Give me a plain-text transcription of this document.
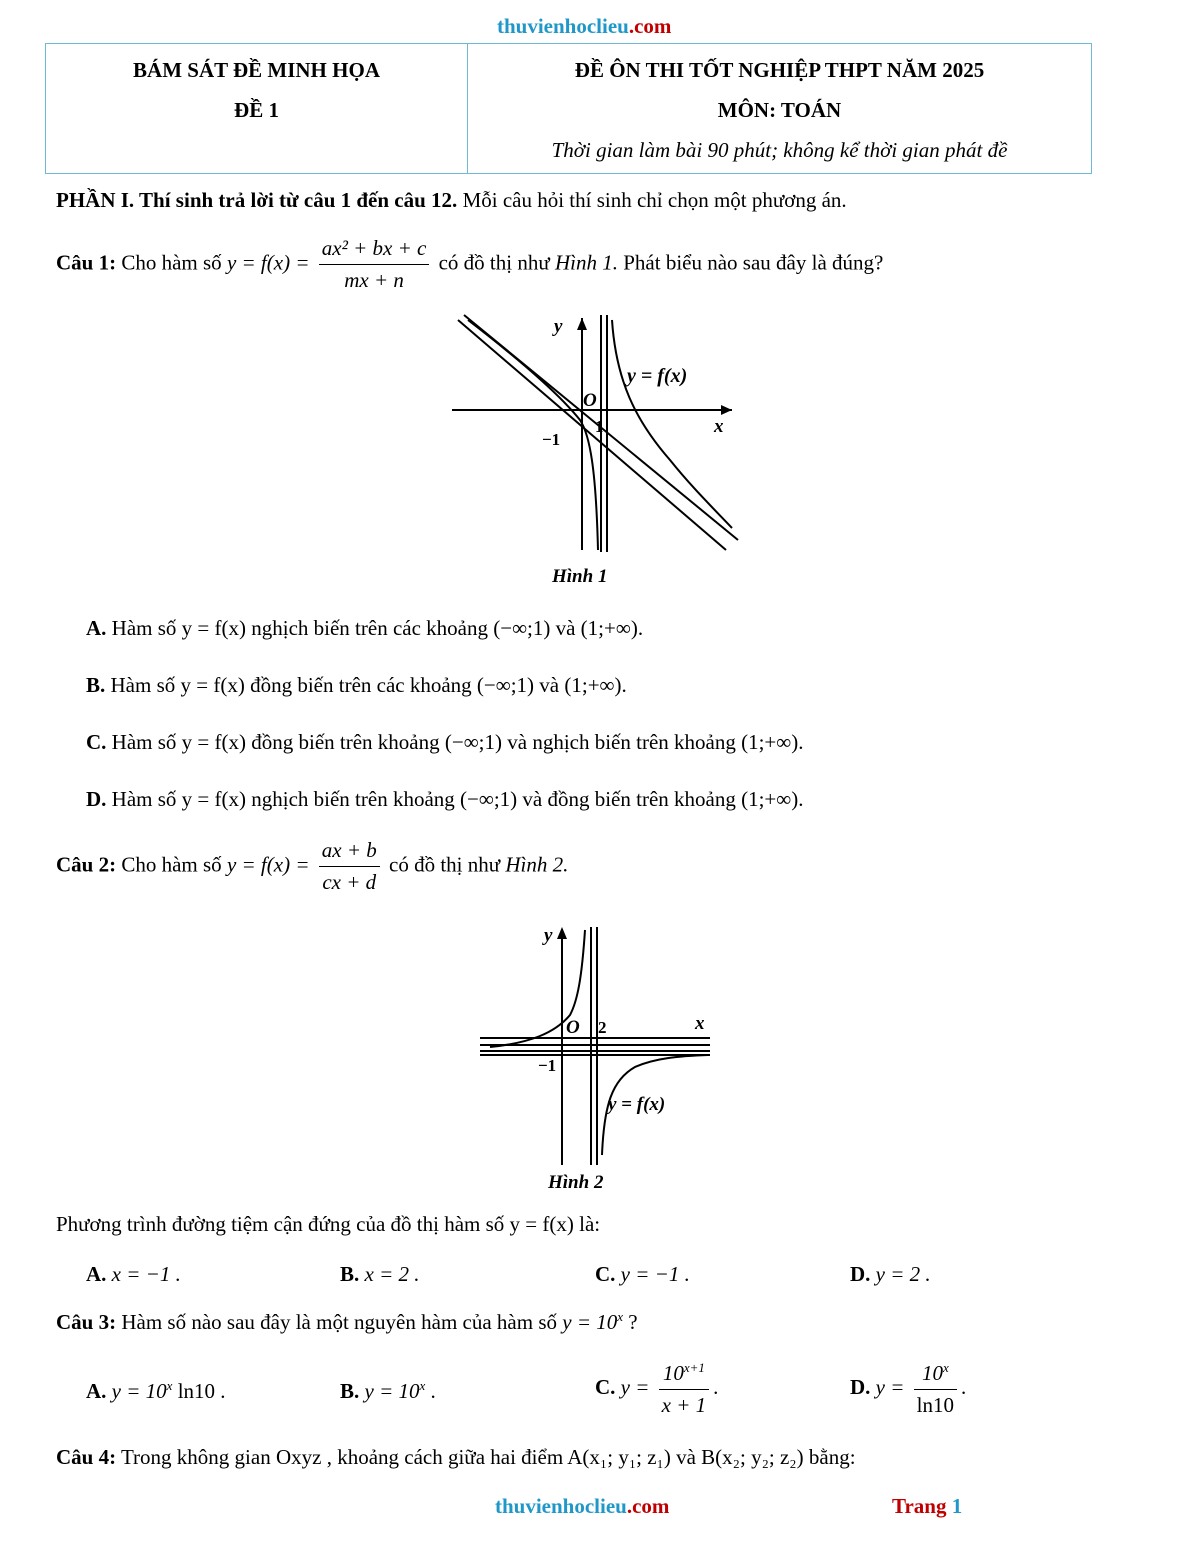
thuvienhoclieu.com
BÁM SÁT ĐỀ MINH HỌA
ĐỀ 1

ĐỀ ÔN THI TỐT NGHIỆP THPT NĂM 2025
MÔN: TOÁN
Thời gian làm bài 90 phút; không kể thời gian phát đề
PHẦN I. Thí sinh trả lời từ câu 1 đến câu 12. Mỗi câu hỏi thí sinh chỉ chọn một phương án.
Câu 1: Cho hàm số $y = f(x) = \frac{\text{ax² + bx + c}}{mx + n}$ có đồ thị như Hình 1. Phát biểu nào sau đây là đúng?
y
x
O
1
−1
y = f(x)
Hình 1
A. Hàm số y = f(x) nghịch biến trên các khoảng (−∞;1) và (1;+∞).
B. Hàm số y = f(x) đồng biến trên các khoảng (−∞;1) và (1;+∞).
C. Hàm số y = f(x) đồng biến trên khoảng (−∞;1) và nghịch biến trên khoảng (1;+∞).
D. Hàm số y = f(x) nghịch biến trên khoảng (−∞;1) và đồng biến trên khoảng (1;+∞).
Câu 2: Cho hàm số $y = f(x) = \frac{ax + b}{cx + d}$ có đồ thị như Hình 2.
y
x
O 2
−1
y = f(x)
Hình 2
Phương trình đường tiệm cận đứng của đồ thị hàm số y = f(x) là:
A. x = −1 .	B. x = 2 .	C. y = −1 .	D. y = 2 .
Câu 3: Hàm số nào sau đây là một nguyên hàm của hàm số $y = 10^x$ ?
A. $y = 10^x$ ln10 .	B. $y = 10^x$ .	C. $y = \frac{10^{x+1}}{x + 1}$ .	D. $y = \frac{10^x}{\ln 10}$ .
Câu 4: Trong không gian Oxyz , khoảng cách giữa hai điểm A(x₁; y₁; z₁) và B(x₂; y₂; z₂) bằng:
thuvienhoclieu.com	Trang 1
